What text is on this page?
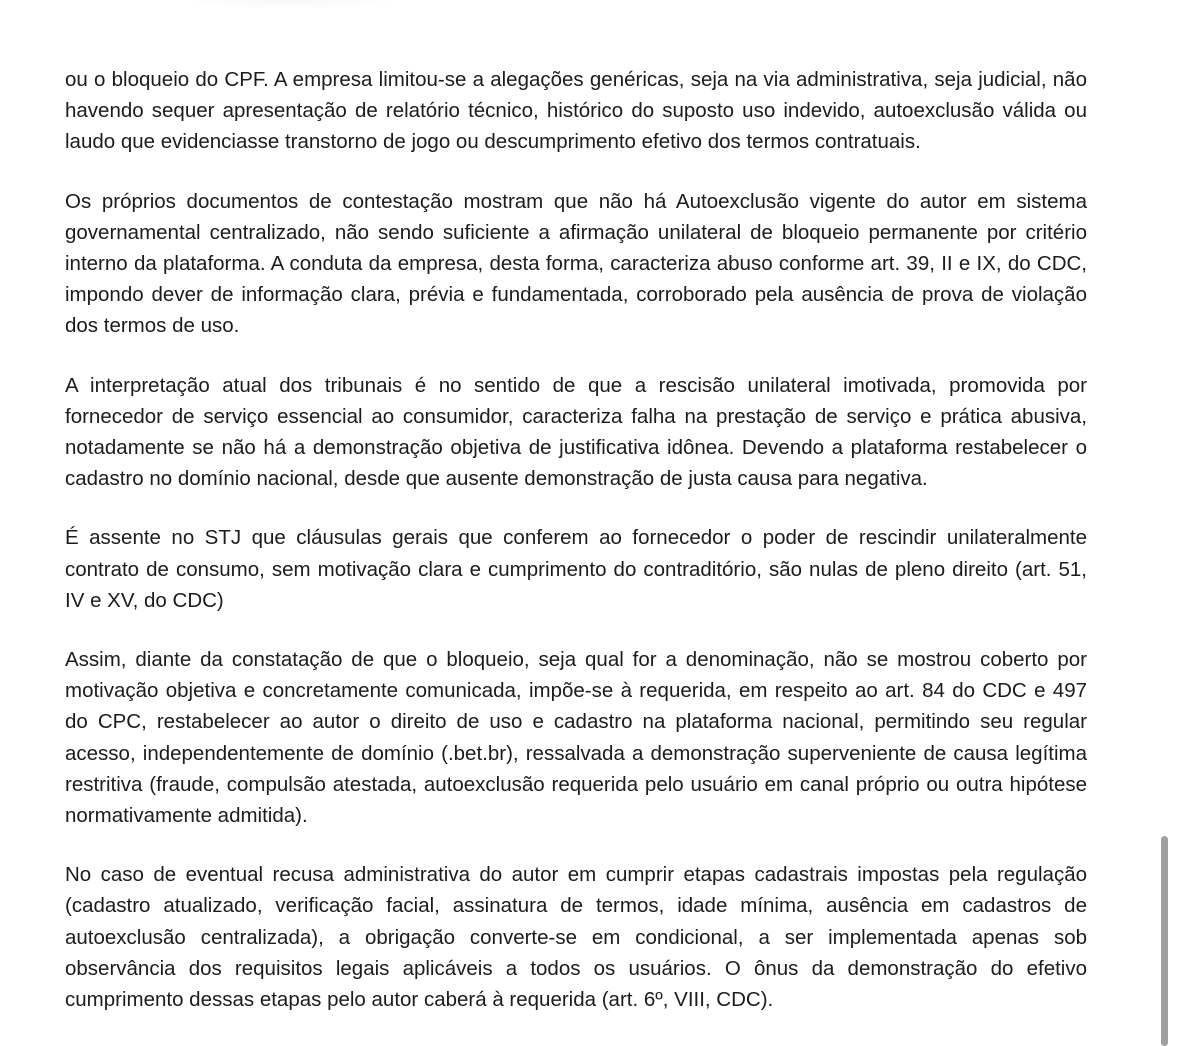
ou o bloqueio do CPF. A empresa limitou-se a alegações genéricas, seja na via administrativa, seja judicial, não havendo sequer apresentação de relatório técnico, histórico do suposto uso indevido, autoexclusão válida ou laudo que evidenciasse transtorno de jogo ou descumprimento efetivo dos termos contratuais.

Os próprios documentos de contestação mostram que não há Autoexclusão vigente do autor em sistema governamental centralizado, não sendo suficiente a afirmação unilateral de bloqueio permanente por critério interno da plataforma. A conduta da empresa, desta forma, caracteriza abuso conforme art. 39, II e IX, do CDC, impondo dever de informação clara, prévia e fundamentada, corroborado pela ausência de prova de violação dos termos de uso.

A interpretação atual dos tribunais é no sentido de que a rescisão unilateral imotivada, promovida por fornecedor de serviço essencial ao consumidor, caracteriza falha na prestação de serviço e prática abusiva, notadamente se não há a demonstração objetiva de justificativa idônea. Devendo a plataforma restabelecer o cadastro no domínio nacional, desde que ausente demonstração de justa causa para negativa.

É assente no STJ que cláusulas gerais que conferem ao fornecedor o poder de rescindir unilateralmente contrato de consumo, sem motivação clara e cumprimento do contraditório, são nulas de pleno direito (art. 51, IV e XV, do CDC)

Assim, diante da constatação de que o bloqueio, seja qual for a denominação, não se mostrou coberto por motivação objetiva e concretamente comunicada, impõe-se à requerida, em respeito ao art. 84 do CDC e 497 do CPC, restabelecer ao autor o direito de uso e cadastro na plataforma nacional, permitindo seu regular acesso, independentemente de domínio (.bet.br), ressalvada a demonstração superveniente de causa legítima restritiva (fraude, compulsão atestada, autoexclusão requerida pelo usuário em canal próprio ou outra hipótese normativamente admitida).

No caso de eventual recusa administrativa do autor em cumprir etapas cadastrais impostas pela regulação (cadastro atualizado, verificação facial, assinatura de termos, idade mínima, ausência em cadastros de autoexclusão centralizada), a obrigação converte-se em condicional, a ser implementada apenas sob observância dos requisitos legais aplicáveis a todos os usuários. O ônus da demonstração do efetivo cumprimento dessas etapas pelo autor caberá à requerida (art. 6º, VIII, CDC).
